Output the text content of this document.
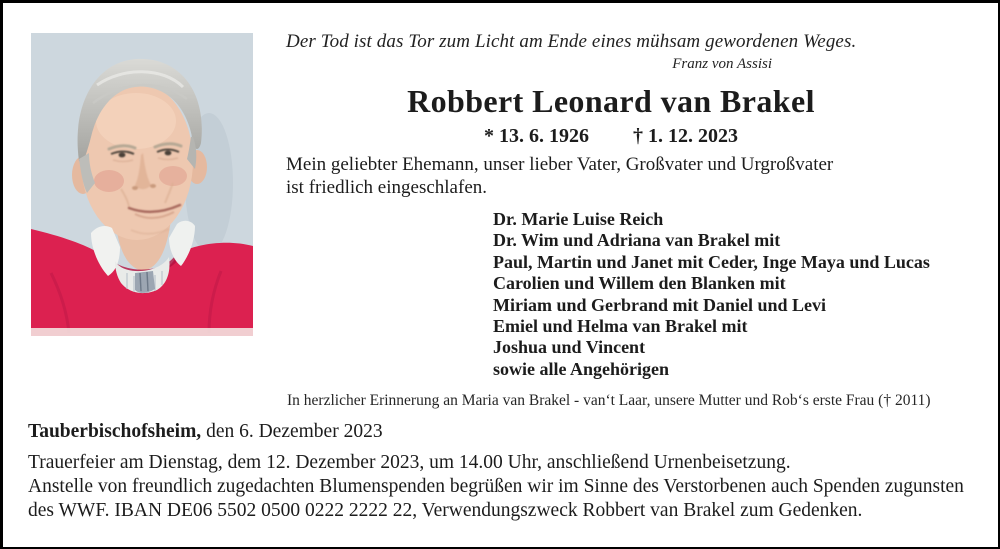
Der Tod ist das Tor zum Licht am Ende eines mühsam gewordenen Weges.
Franz von Assisi
Robbert Leonard van Brakel
* 13. 6. 1926 † 1. 12. 2023
Mein geliebter Ehemann, unser lieber Vater, Großvater und Urgroßvater
ist friedlich eingeschlafen.
Dr. Marie Luise Reich
Dr. Wim und Adriana van Brakel mit
Paul, Martin und Janet mit Ceder, Inge Maya und Lucas
Carolien und Willem den Blanken mit
Miriam und Gerbrand mit Daniel und Levi
Emiel und Helma van Brakel mit
Joshua und Vincent
sowie alle Angehörigen
In herzlicher Erinnerung an Maria van Brakel - van‘t Laar, unsere Mutter und Rob‘s erste Frau († 2011)
Tauberbischofsheim, den 6. Dezember 2023
Trauerfeier am Dienstag, dem 12. Dezember 2023, um 14.00 Uhr, anschließend Urnenbeisetzung.
Anstelle von freundlich zugedachten Blumenspenden begrüßen wir im Sinne des Verstorbenen auch Spenden zugunsten
des WWF. IBAN DE06 5502 0500 0222 2222 22, Verwendungszweck Robbert van Brakel zum Gedenken.
